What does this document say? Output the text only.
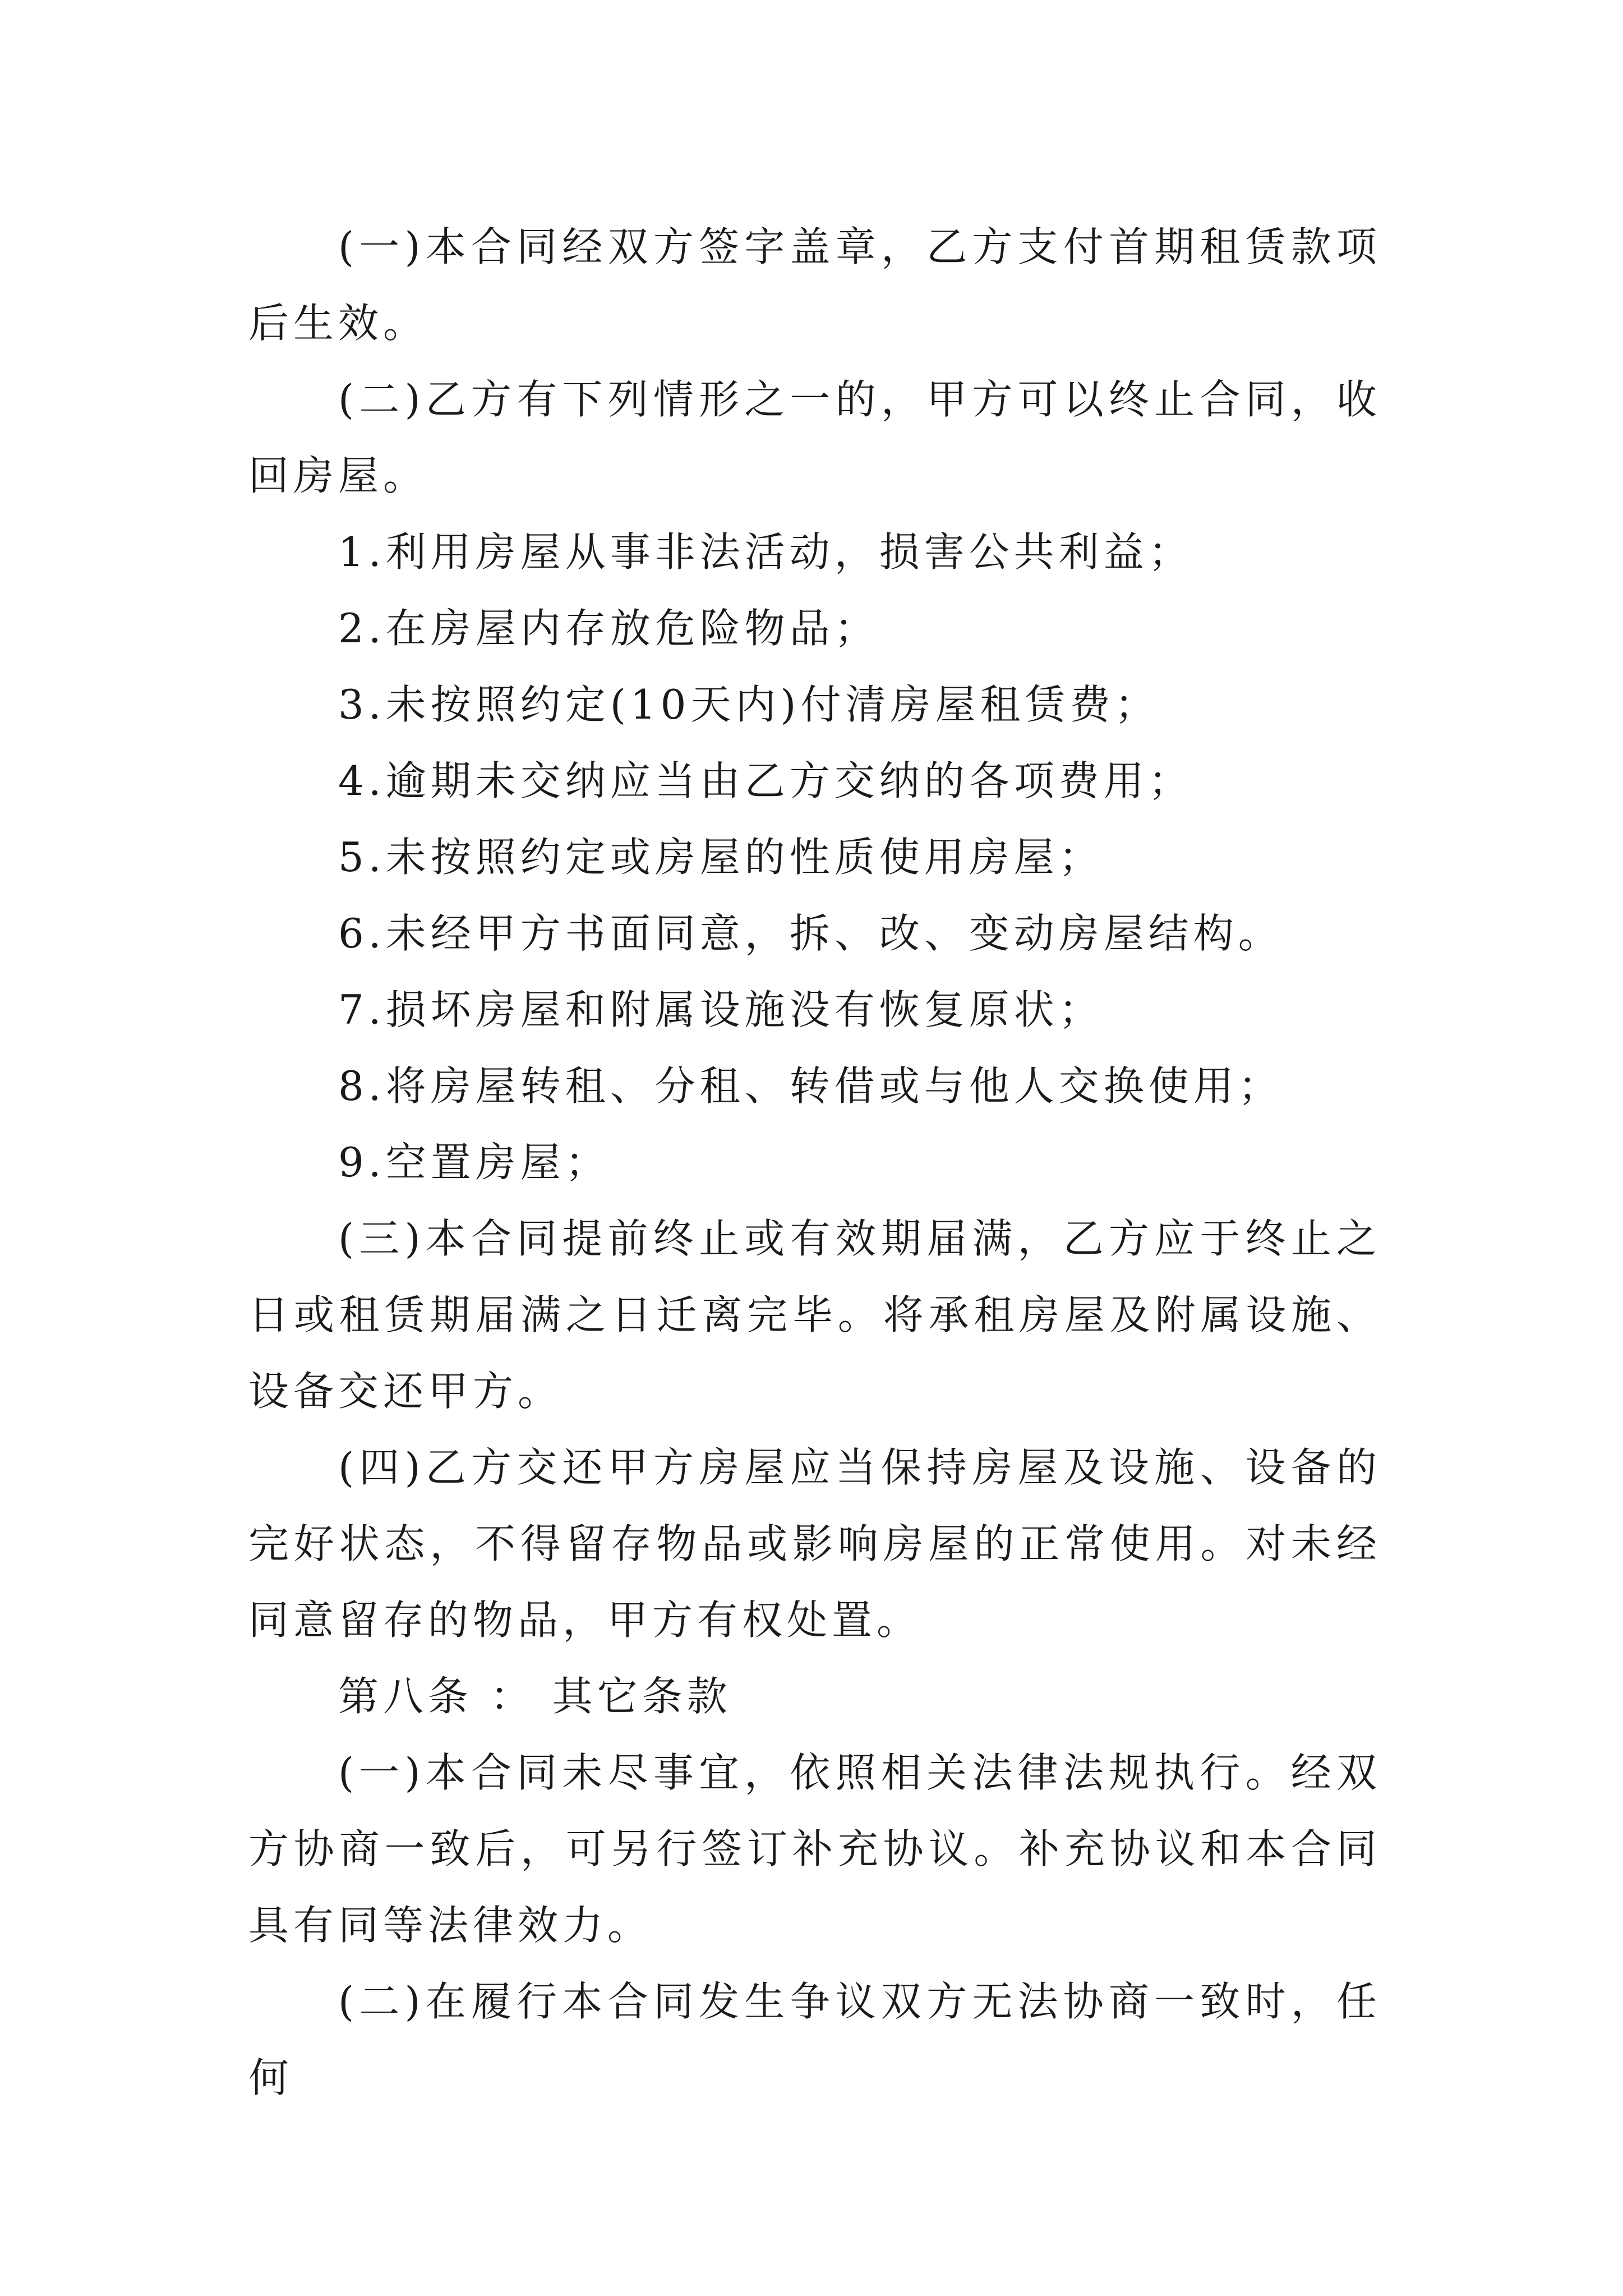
(一)本合同经双方签字盖章，乙方支付首期租赁款项后生效。

(二)乙方有下列情形之一的，甲方可以终止合同，收回房屋。

1.利用房屋从事非法活动，损害公共利益；

2.在房屋内存放危险物品；

3.未按照约定(10天内)付清房屋租赁费；

4.逾期未交纳应当由乙方交纳的各项费用；

5.未按照约定或房屋的性质使用房屋；

6.未经甲方书面同意，拆、改、变动房屋结构。

7.损坏房屋和附属设施没有恢复原状；

8.将房屋转租、分租、转借或与他人交换使用；

9.空置房屋；

(三)本合同提前终止或有效期届满，乙方应于终止之日或租赁期届满之日迁离完毕。将承租房屋及附属设施、设备交还甲方。

(四)乙方交还甲方房屋应当保持房屋及设施、设备的完好状态，不得留存物品或影响房屋的正常使用。对未经同意留存的物品，甲方有权处置。

第八条 ： 其它条款

(一)本合同未尽事宜，依照相关法律法规执行。经双方协商一致后，可另行签订补充协议。补充协议和本合同具有同等法律效力。

(二)在履行本合同发生争议双方无法协商一致时，任何
